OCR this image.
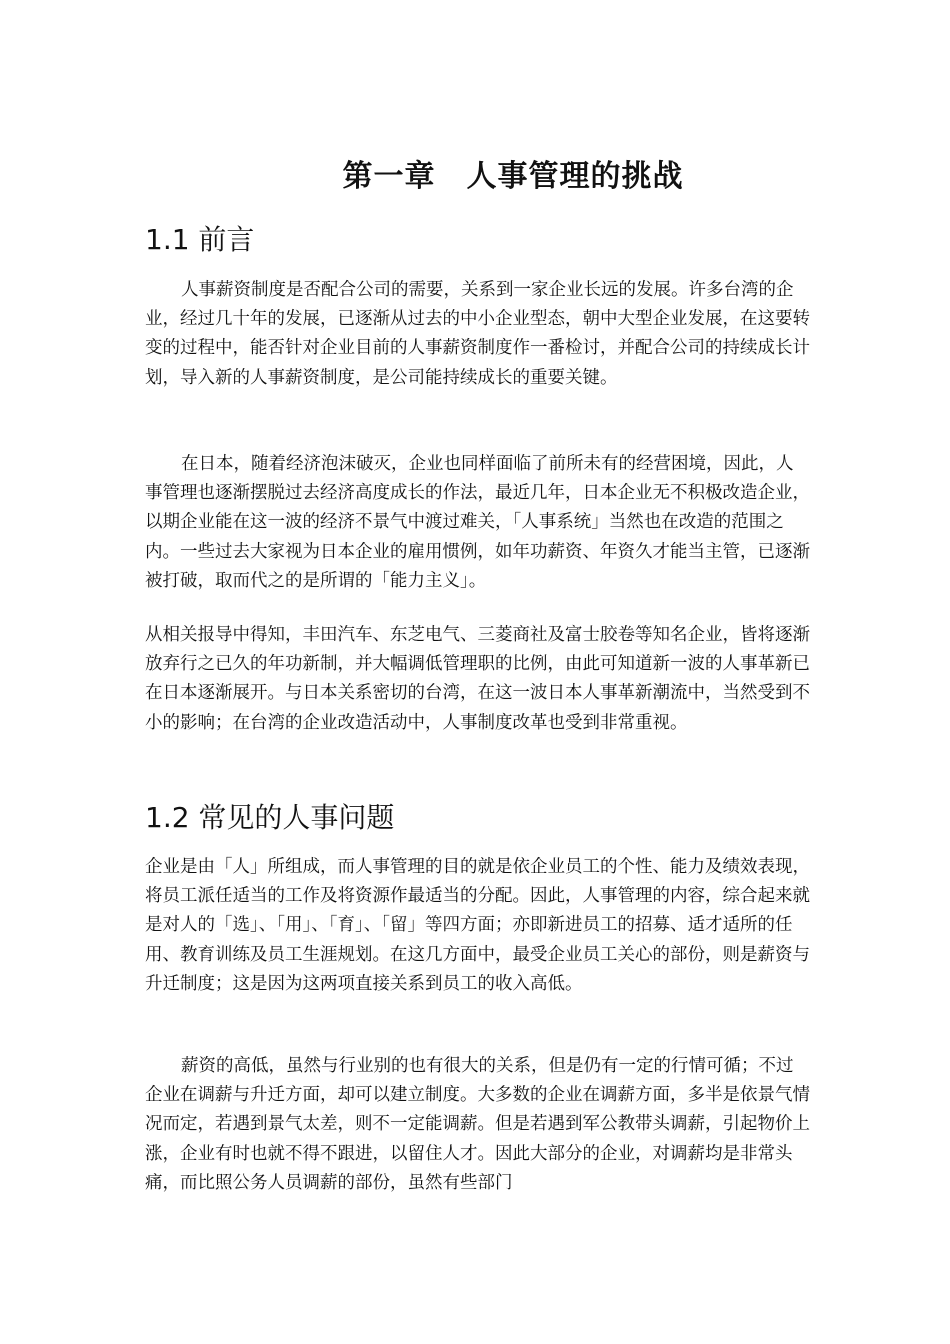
第一章　人事管理的挑战
1.1 前言

人事薪资制度是否配合公司的需要，关系到一家企业长远的发展。许多台湾的企业，经过几十年的发展，已逐渐从过去的中小企业型态，朝中大型企业发展，在这要转变的过程中，能否针对企业目前的人事薪资制度作一番检讨，并配合公司的持续成长计划，导入新的人事薪资制度，是公司能持续成长的重要关键。

在日本，随着经济泡沫破灭，企业也同样面临了前所未有的经营困境，因此，人事管理也逐渐摆脱过去经济高度成长的作法，最近几年，日本企业无不积极改造企业，以期企业能在这一波的经济不景气中渡过难关，「人事系统」当然也在改造的范围之内。一些过去大家视为日本企业的雇用惯例，如年功薪资、年资久才能当主管，已逐渐被打破，取而代之的是所谓的「能力主义」。

从相关报导中得知，丰田汽车、东芝电气、三菱商社及富士胶卷等知名企业，皆将逐渐放弃行之已久的年功新制，并大幅调低管理职的比例，由此可知道新一波的人事革新已在日本逐渐展开。与日本关系密切的台湾，在这一波日本人事革新潮流中，当然受到不小的影响；在台湾的企业改造活动中，人事制度改革也受到非常重视。

1.2 常见的人事问题

企业是由「人」所组成，而人事管理的目的就是依企业员工的个性、能力及绩效表现，将员工派任适当的工作及将资源作最适当的分配。因此，人事管理的内容，综合起来就是对人的「选」、「用」、「育」、「留」等四方面；亦即新进员工的招募、适才适所的任用、教育训练及员工生涯规划。在这几方面中，最受企业员工关心的部份，则是薪资与升迁制度；这是因为这两项直接关系到员工的收入高低。

薪资的高低，虽然与行业别的也有很大的关系，但是仍有一定的行情可循；不过企业在调薪与升迁方面，却可以建立制度。大多数的企业在调薪方面，多半是依景气情况而定，若遇到景气太差，则不一定能调薪。但是若遇到军公教带头调薪，引起物价上涨，企业有时也就不得不跟进，以留住人才。因此大部分的企业，对调薪均是非常头痛，而比照公务人员调薪的部份，虽然有些部门
